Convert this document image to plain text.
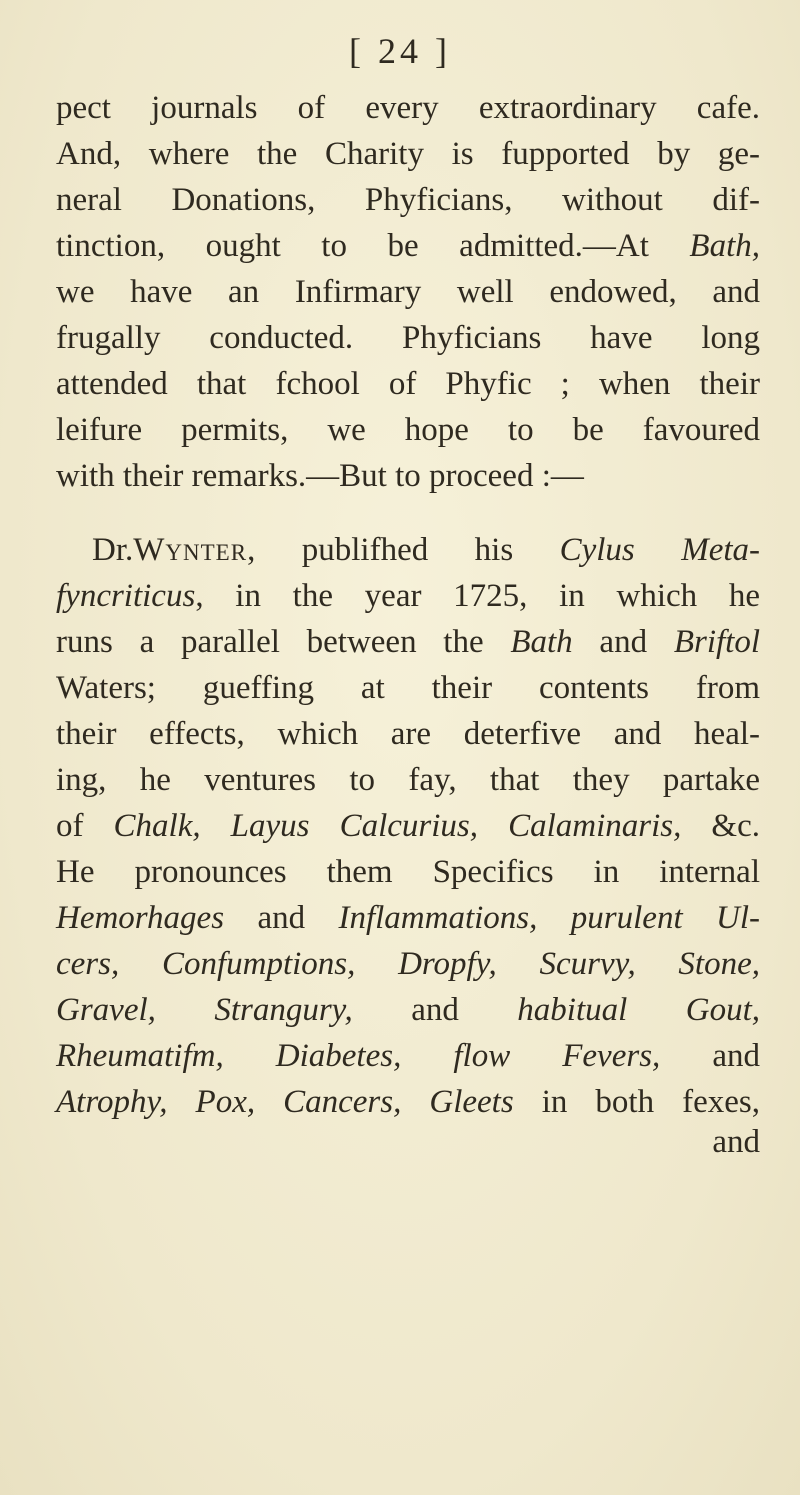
[ 24 ]
pect journals of every extraordinary cafe.
And, where the Charity is fupported by ge-
neral Donations, Phyficians, without dif-
tinction, ought to be admitted.—At Bath,
we have an Infirmary well endowed, and
frugally conducted. Phyficians have long
attended that fchool of Phyfic ; when their
leifure permits, we hope to be favoured
with their remarks.—But to proceed :—
Dr.Wynter, publifhed his Cylus Meta-
fyncriticus, in the year 1725, in which he
runs a parallel between the Bath and Briftol
Waters; gueffing at their contents from
their effects, which are deterfive and heal-
ing, he ventures to fay, that they partake
of Chalk, Layus Calcurius, Calaminaris, &c.
He pronounces them Specifics in internal
Hemorhages and Inflammations, purulent Ul-
cers, Confumptions, Dropfy, Scurvy, Stone,
Gravel, Strangury, and habitual Gout,
Rheumatifm, Diabetes, flow Fevers, and
Atrophy, Pox, Cancers, Gleets in both fexes,
and
